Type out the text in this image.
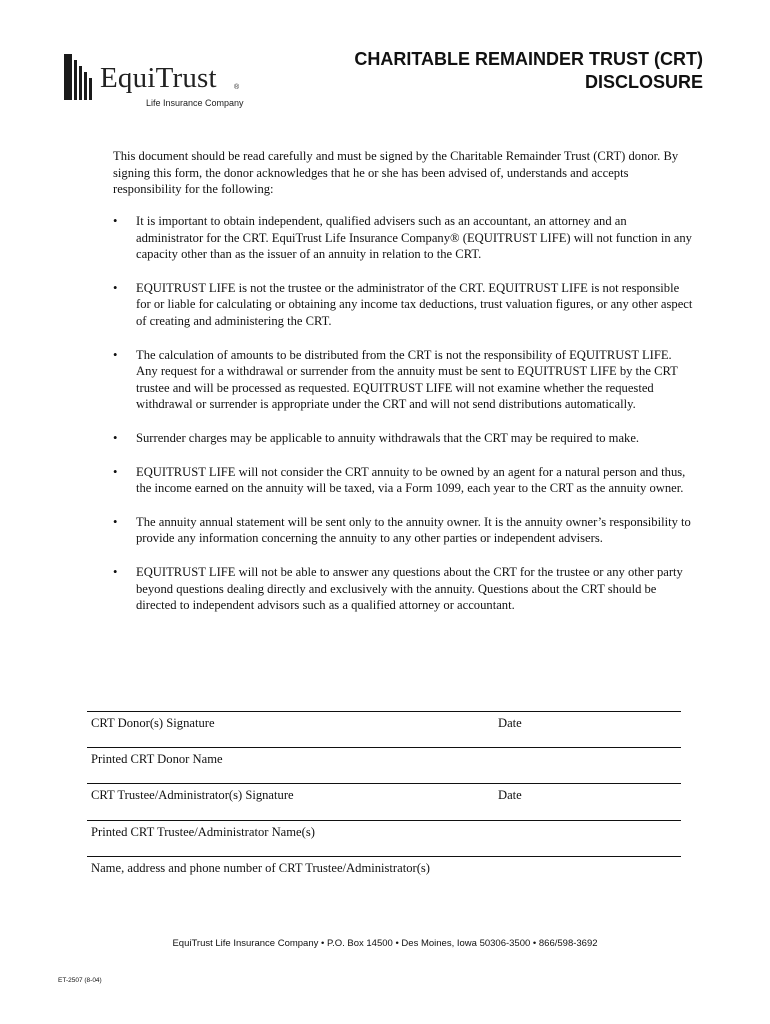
EquiTrust ®
Life Insurance Company
CHARITABLE REMAINDER TRUST (CRT)
DISCLOSURE
This document should be read carefully and must be signed by the Charitable Remainder Trust (CRT) donor. By signing this form, the donor acknowledges that he or she has been advised of, understands and accepts responsibility for the following:
• It is important to obtain independent, qualified advisers such as an accountant, an attorney and an administrator for the CRT. EquiTrust Life Insurance Company® (EQUITRUST LIFE) will not function in any capacity other than as the issuer of an annuity in relation to the CRT.
• EQUITRUST LIFE is not the trustee or the administrator of the CRT. EQUITRUST LIFE is not responsible for or liable for calculating or obtaining any income tax deductions, trust valuation figures, or any other aspect of creating and administering the CRT.
• The calculation of amounts to be distributed from the CRT is not the responsibility of EQUITRUST LIFE. Any request for a withdrawal or surrender from the annuity must be sent to EQUITRUST LIFE by the CRT trustee and will be processed as requested. EQUITRUST LIFE will not examine whether the requested withdrawal or surrender is appropriate under the CRT and will not send distributions automatically.
• Surrender charges may be applicable to annuity withdrawals that the CRT may be required to make.
• EQUITRUST LIFE will not consider the CRT annuity to be owned by an agent for a natural person and thus, the income earned on the annuity will be taxed, via a Form 1099, each year to the CRT as the annuity owner.
• The annuity annual statement will be sent only to the annuity owner. It is the annuity owner’s responsibility to provide any information concerning the annuity to any other parties or independent advisers.
• EQUITRUST LIFE will not be able to answer any questions about the CRT for the trustee or any other party beyond questions dealing directly and exclusively with the annuity. Questions about the CRT should be directed to independent advisors such as a qualified attorney or accountant.
CRT Donor(s) Signature	Date
Printed CRT Donor Name
CRT Trustee/Administrator(s) Signature	Date
Printed CRT Trustee/Administrator Name(s)
Name, address and phone number of CRT Trustee/Administrator(s)
EquiTrust Life Insurance Company • P.O. Box 14500 • Des Moines, Iowa 50306-3500 • 866/598-3692
ET-2507 (8-04)
